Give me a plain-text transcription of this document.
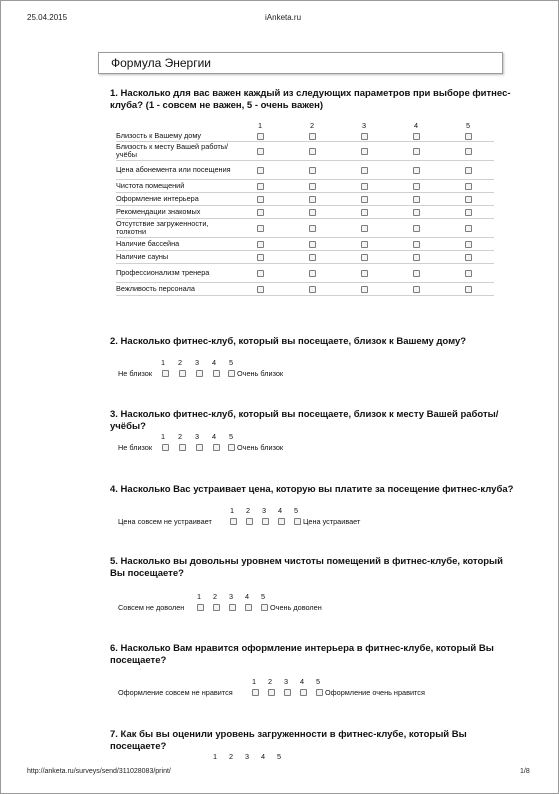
25.04.2015	iAnketa.ru
Формула Энергии
1. Насколько для вас важен каждый из следующих параметров при выборе фитнес-клуба? (1 - совсем не важен, 5 - очень важен)
	1	2	3	4	5
Близость к Вашему дому					
Близость к месту Вашей работы/учёбы					
Цена абонемента или посещения					
Чистота помещений					
Оформление интерьера					
Рекомендации знакомых					
Отсутствие загруженности, толкотни					
Наличие бассейна					
Наличие сауны					
Профессионализм тренера					
Вежливость персонала					
2. Насколько фитнес-клуб, который вы посещаете, близок к Вашему дому?
1 2 3 4 5
Не близок	Очень близок
3. Насколько фитнес-клуб, который вы посещаете, близок к месту Вашей работы/учёбы?
1 2 3 4 5
Не близок	Очень близок
4. Насколько Вас устраивает цена, которую вы платите за посещение фитнес-клуба?
1 2 3 4 5
Цена совсем не устраивает	Цена устраивает
5. Насколько вы довольны уровнем чистоты помещений в фитнес-клубе, который Вы посещаете?
1 2 3 4 5
Совсем не доволен	Очень доволен
6. Насколько Вам нравится оформление интерьера в фитнес-клубе, который Вы посещаете?
1 2 3 4 5
Оформление совсем не нравится	Оформление очень нравится
7. Как бы вы оценили уровень загруженности в фитнес-клубе, который Вы посещаете?
1 2 3 4 5
http://anketa.ru/surveys/send/311028083/print/	1/8
